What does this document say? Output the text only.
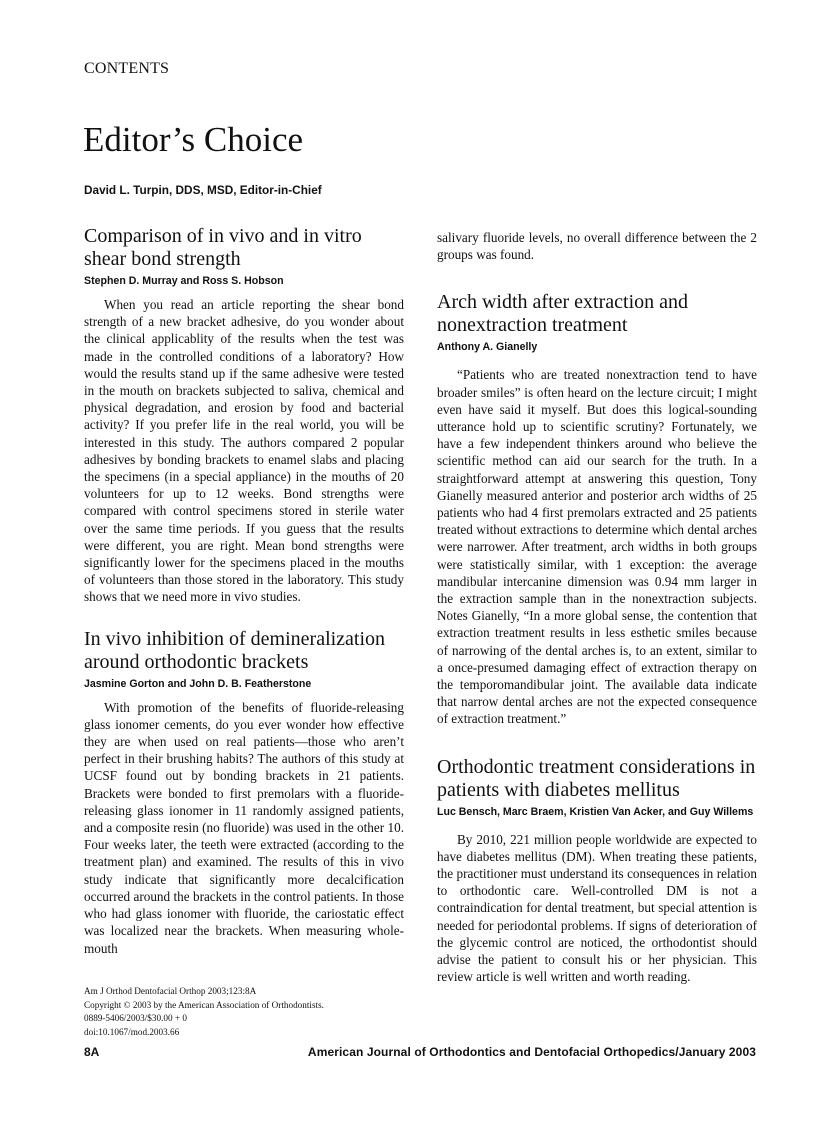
CONTENTS
Editor’s Choice
David L. Turpin, DDS, MSD, Editor-in-Chief
Comparison of in vivo and in vitro shear bond strength
Stephen D. Murray and Ross S. Hobson

When you read an article reporting the shear bond strength of a new bracket adhesive, do you wonder about the clinical applicablity of the results when the test was made in the controlled conditions of a laboratory? How would the results stand up if the same adhesive were tested in the mouth on brackets subjected to saliva, chemical and physical degradation, and erosion by food and bacterial activity? If you prefer life in the real world, you will be interested in this study. The authors compared 2 popular adhesives by bonding brackets to enamel slabs and placing the specimens (in a special appliance) in the mouths of 20 volunteers for up to 12 weeks. Bond strengths were compared with control specimens stored in sterile water over the same time periods. If you guess that the results were different, you are right. Mean bond strengths were significantly lower for the specimens placed in the mouths of volunteers than those stored in the laboratory. This study shows that we need more in vivo studies.

In vivo inhibition of demineralization around orthodontic brackets
Jasmine Gorton and John D. B. Featherstone

With promotion of the benefits of fluoride-releasing glass ionomer cements, do you ever wonder how effective they are when used on real patients—those who aren’t perfect in their brushing habits? The authors of this study at UCSF found out by bonding brackets in 21 patients. Brackets were bonded to first premolars with a fluoride-releasing glass ionomer in 11 randomly assigned patients, and a composite resin (no fluoride) was used in the other 10. Four weeks later, the teeth were extracted (according to the treatment plan) and examined. The results of this in vivo study indicate that significantly more decalcification occurred around the brackets in the control patients. In those who had glass ionomer with fluoride, the cariostatic effect was localized near the brackets. When measuring whole-mouth

salivary fluoride levels, no overall difference between the 2 groups was found.

Arch width after extraction and nonextraction treatment
Anthony A. Gianelly

“Patients who are treated nonextraction tend to have broader smiles” is often heard on the lecture circuit; I might even have said it myself. But does this logical-sounding utterance hold up to scientific scrutiny? Fortunately, we have a few independent thinkers around who believe the scientific method can aid our search for the truth. In a straightforward attempt at answering this question, Tony Gianelly measured anterior and posterior arch widths of 25 patients who had 4 first premolars extracted and 25 patients treated without extractions to determine which dental arches were narrower. After treatment, arch widths in both groups were statistically similar, with 1 exception: the average mandibular intercanine dimension was 0.94 mm larger in the extraction sample than in the nonextraction subjects. Notes Gianelly, “In a more global sense, the contention that extraction treatment results in less esthetic smiles because of narrowing of the dental arches is, to an extent, similar to a once-presumed damaging effect of extraction therapy on the temporomandibular joint. The available data indicate that narrow dental arches are not the expected consequence of extraction treatment.”

Orthodontic treatment considerations in patients with diabetes mellitus
Luc Bensch, Marc Braem, Kristien Van Acker, and Guy Willems

By 2010, 221 million people worldwide are expected to have diabetes mellitus (DM). When treating these patients, the practitioner must understand its consequences in relation to orthodontic care. Well-controlled DM is not a contraindication for dental treatment, but special attention is needed for periodontal problems. If signs of deterioration of the glycemic control are noticed, the orthodontist should advise the patient to consult his or her physician. This review article is well written and worth reading.

Am J Orthod Dentofacial Orthop 2003;123:8A
Copyright © 2003 by the American Association of Orthodontists.
0889-5406/2003/$30.00 + 0
doi:10.1067/mod.2003.66
8A	American Journal of Orthodontics and Dentofacial Orthopedics/January 2003
